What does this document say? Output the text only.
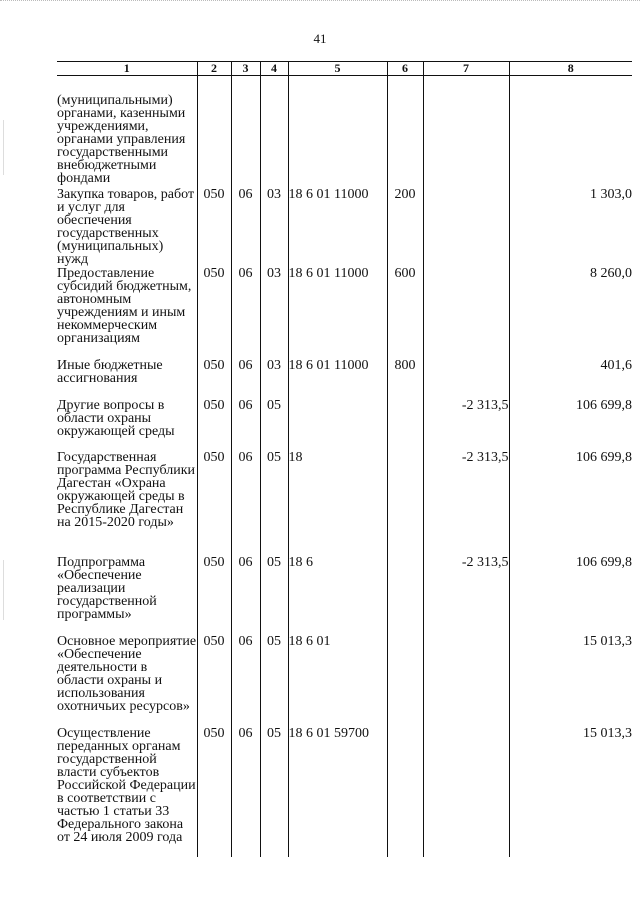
41
1	2	3	4	5	6	7	8
(муниципальными) органами, казенными учреждениями, органами управления государственными внебюджетными фондами							
Закупка товаров, работ и услуг для обеспечения государственных (муниципальных) нужд	050	06	03	18 6 01 11000	200		1 303,0
Предоставление субсидий бюджетным, автономным учреждениям и иным некоммерческим организациям	050	06	03	18 6 01 11000	600		8 260,0
Иные бюджетные ассигнования	050	06	03	18 6 01 11000	800		401,6
Другие вопросы в области охраны окружающей среды	050	06	05			-2 313,5	106 699,8
Государственная программа Республики Дагестан «Охрана окружающей среды в Республике Дагестан на 2015-2020 годы»	050	06	05	18		-2 313,5	106 699,8
Подпрограмма «Обеспечение реализации государственной программы»	050	06	05	18 6		-2 313,5	106 699,8
Основное мероприятие «Обеспечение деятельности в области охраны и использования охотничьих ресурсов»	050	06	05	18 6 01			15 013,3
Осуществление переданных органам государственной власти субъектов Российской Федерации в соответствии с частью 1 статьи 33 Федерального закона от 24 июля 2009 года	050	06	05	18 6 01 59700			15 013,3
